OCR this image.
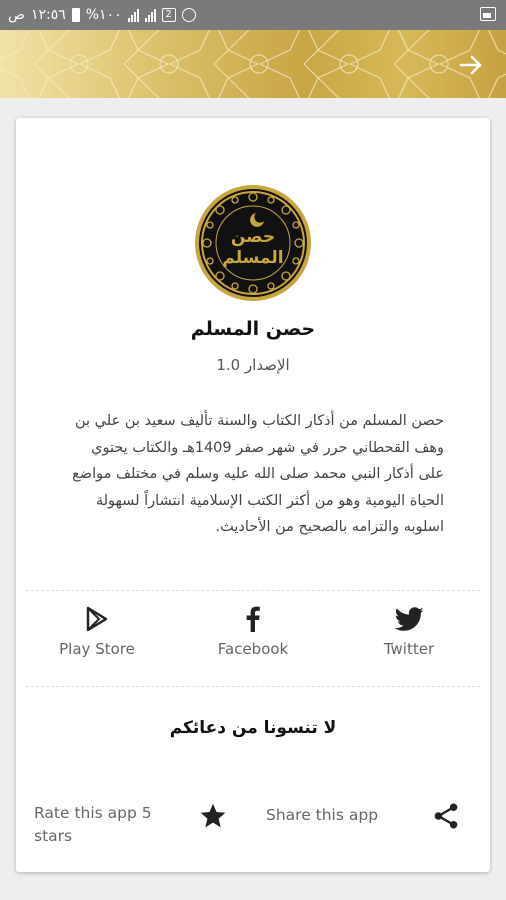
ص ١٢:٥٦ %١٠٠	2
حصن
المسلم
حصن المسلم
الإصدار 1.0
حصن المسلم من أذكار الكتاب والسنة تأليف سعيد بن علي بن وهف القحطاني حرر في شهر صفر 1409هـ والكتاب يحتوي على أذكار النبي محمد صلى الله عليه وسلم في مختلف مواضع الحياة اليومية وهو من أكثر الكتب الإسلامية انتشاراً لسهولة اسلوبه والتزامه بالصحيح من الأحاديث.
Play Store	Facebook	Twitter
لا تنسونا من دعائكم
Rate this app 5 stars
Share this app
